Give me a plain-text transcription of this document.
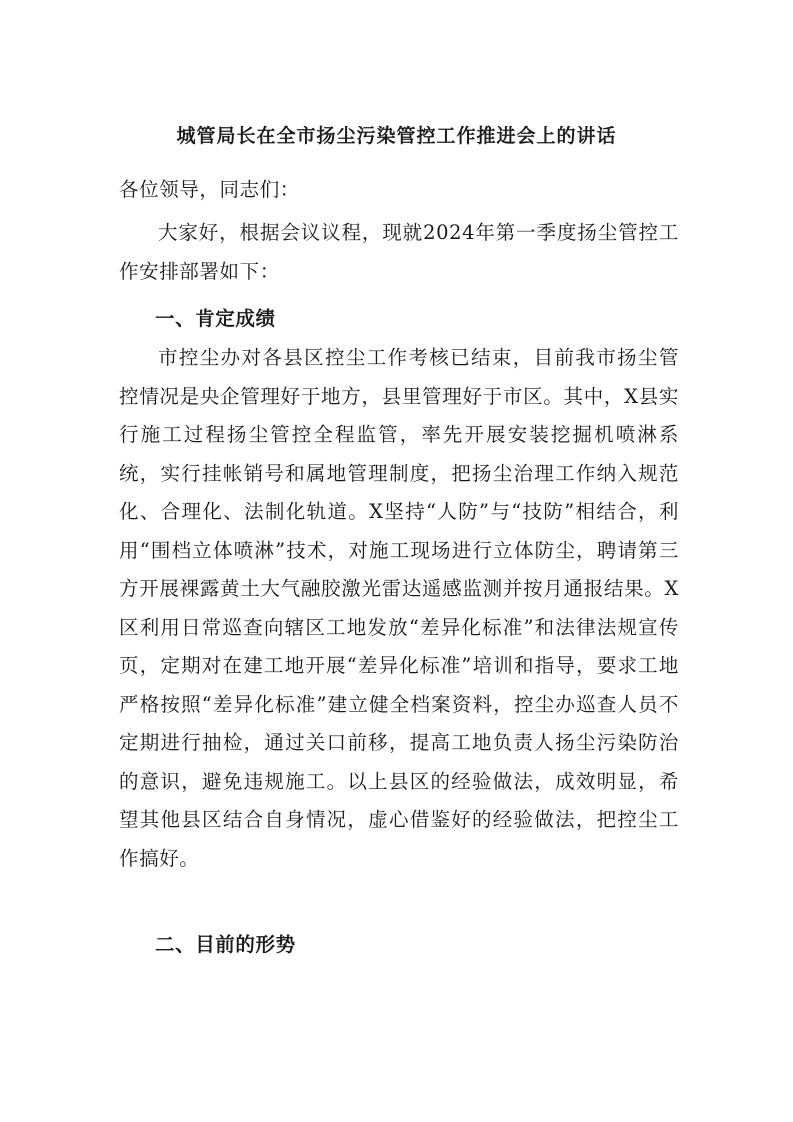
城管局长在全市扬尘污染管控工作推进会上的讲话
各位领导，同志们：
大家好，根据会议议程，现就2024年第一季度扬尘管控工作安排部署如下：
一、肯定成绩
市控尘办对各县区控尘工作考核已结束，目前我市扬尘管控情况是央企管理好于地方，县里管理好于市区。其中，X县实行施工过程扬尘管控全程监管，率先开展安装挖掘机喷淋系统，实行挂帐销号和属地管理制度，把扬尘治理工作纳入规范化、合理化、法制化轨道。X坚持“人防”与“技防”相结合，利用“围档立体喷淋”技术，对施工现场进行立体防尘，聘请第三方开展裸露黄土大气融胶激光雷达遥感监测并按月通报结果。X区利用日常巡查向辖区工地发放“差异化标准”和法律法规宣传页，定期对在建工地开展“差异化标准”培训和指导，要求工地严格按照“差异化标准”建立健全档案资料，控尘办巡查人员不定期进行抽检，通过关口前移，提高工地负责人扬尘污染防治的意识，避免违规施工。以上县区的经验做法，成效明显，希望其他县区结合自身情况，虚心借鉴好的经验做法，把控尘工作搞好。
二、目前的形势
